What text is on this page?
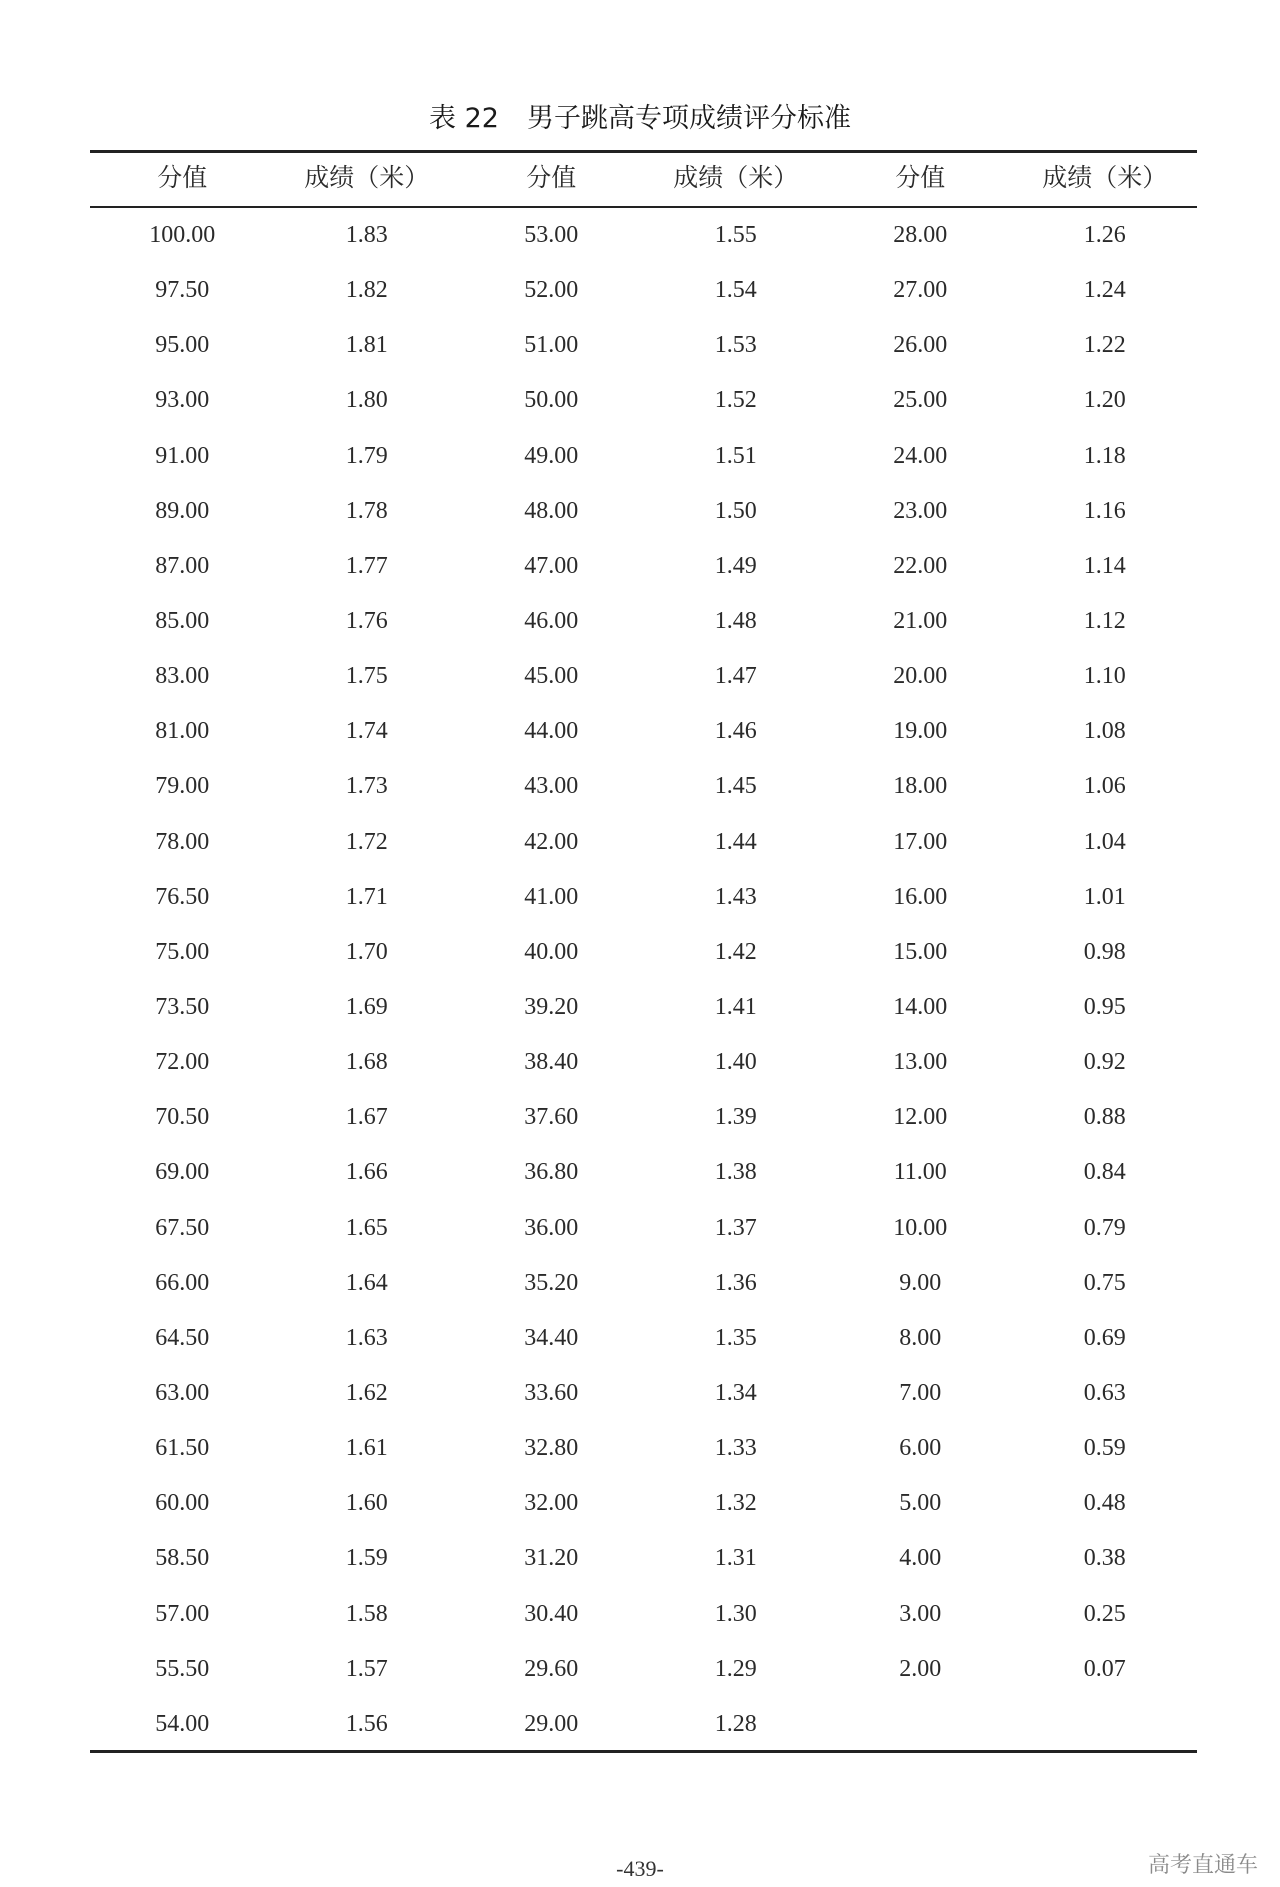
表 22 男子跳高专项成绩评分标准
分值	成绩（米）	分值	成绩（米）	分值	成绩（米）
100.00	1.83	53.00	1.55	28.00	1.26
97.50	1.82	52.00	1.54	27.00	1.24
95.00	1.81	51.00	1.53	26.00	1.22
93.00	1.80	50.00	1.52	25.00	1.20
91.00	1.79	49.00	1.51	24.00	1.18
89.00	1.78	48.00	1.50	23.00	1.16
87.00	1.77	47.00	1.49	22.00	1.14
85.00	1.76	46.00	1.48	21.00	1.12
83.00	1.75	45.00	1.47	20.00	1.10
81.00	1.74	44.00	1.46	19.00	1.08
79.00	1.73	43.00	1.45	18.00	1.06
78.00	1.72	42.00	1.44	17.00	1.04
76.50	1.71	41.00	1.43	16.00	1.01
75.00	1.70	40.00	1.42	15.00	0.98
73.50	1.69	39.20	1.41	14.00	0.95
72.00	1.68	38.40	1.40	13.00	0.92
70.50	1.67	37.60	1.39	12.00	0.88
69.00	1.66	36.80	1.38	11.00	0.84
67.50	1.65	36.00	1.37	10.00	0.79
66.00	1.64	35.20	1.36	9.00	0.75
64.50	1.63	34.40	1.35	8.00	0.69
63.00	1.62	33.60	1.34	7.00	0.63
61.50	1.61	32.80	1.33	6.00	0.59
60.00	1.60	32.00	1.32	5.00	0.48
58.50	1.59	31.20	1.31	4.00	0.38
57.00	1.58	30.40	1.30	3.00	0.25
55.50	1.57	29.60	1.29	2.00	0.07
54.00	1.56	29.00	1.28
-439-	高考直通车
